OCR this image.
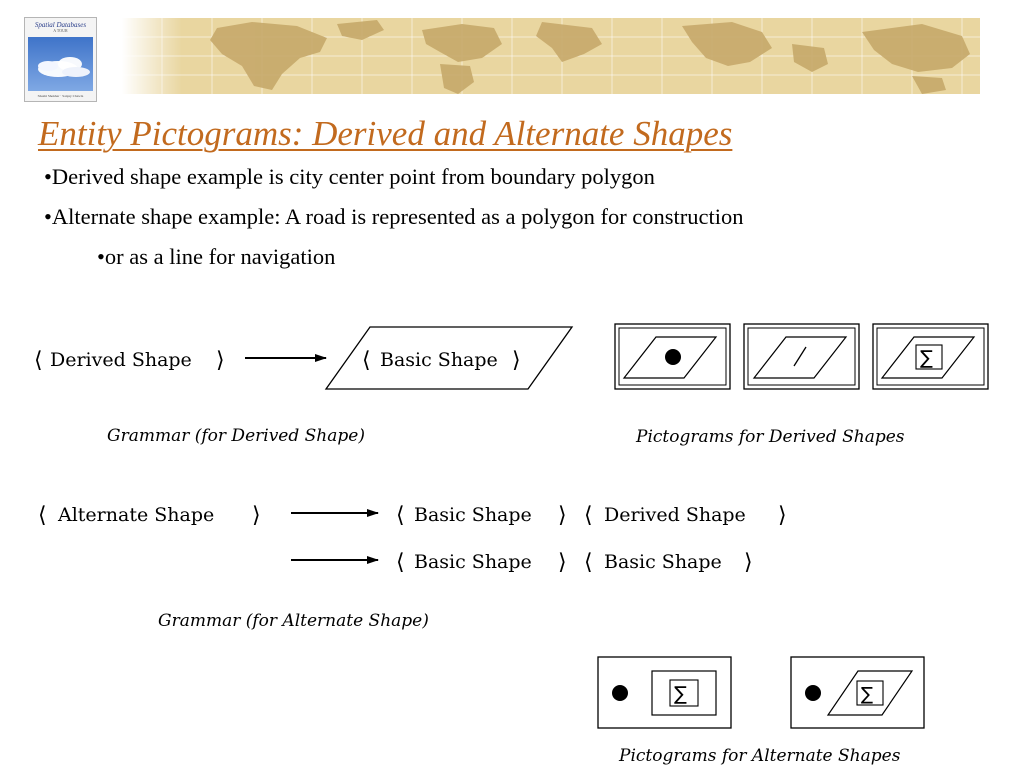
Spatial Databases
A TOUR
Shashi Shekhar · Sanjay Chawla
Entity Pictograms: Derived and Alternate Shapes

•Derived shape example is city center point from boundary polygon

•Alternate shape example: A road is represented as a polygon for construction

•or as a line for navigation

⟨ Derived Shape ⟩	⟨ Basic Shape ⟩
Grammar (for Derived Shape)
∑
Pictograms for Derived Shapes
⟨ Alternate Shape ⟩	⟨ Basic Shape ⟩ ⟨ Derived Shape ⟩
⟨ Basic Shape ⟩ ⟨ Basic Shape ⟩
Grammar (for Alternate Shape)
∑	∑
Pictograms for Alternate Shapes
